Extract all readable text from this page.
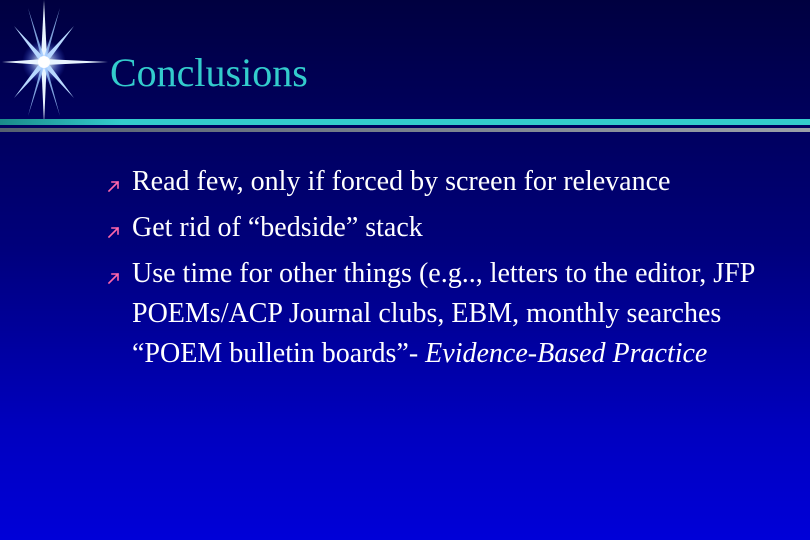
Conclusions
Read few, only if forced by screen for relevance
Get rid of “bedside” stack
Use time for other things (e.g.., letters to the editor, JFP POEMs/ACP Journal clubs, EBM, monthly searches “POEM bulletin boards”- Evidence-Based Practice
